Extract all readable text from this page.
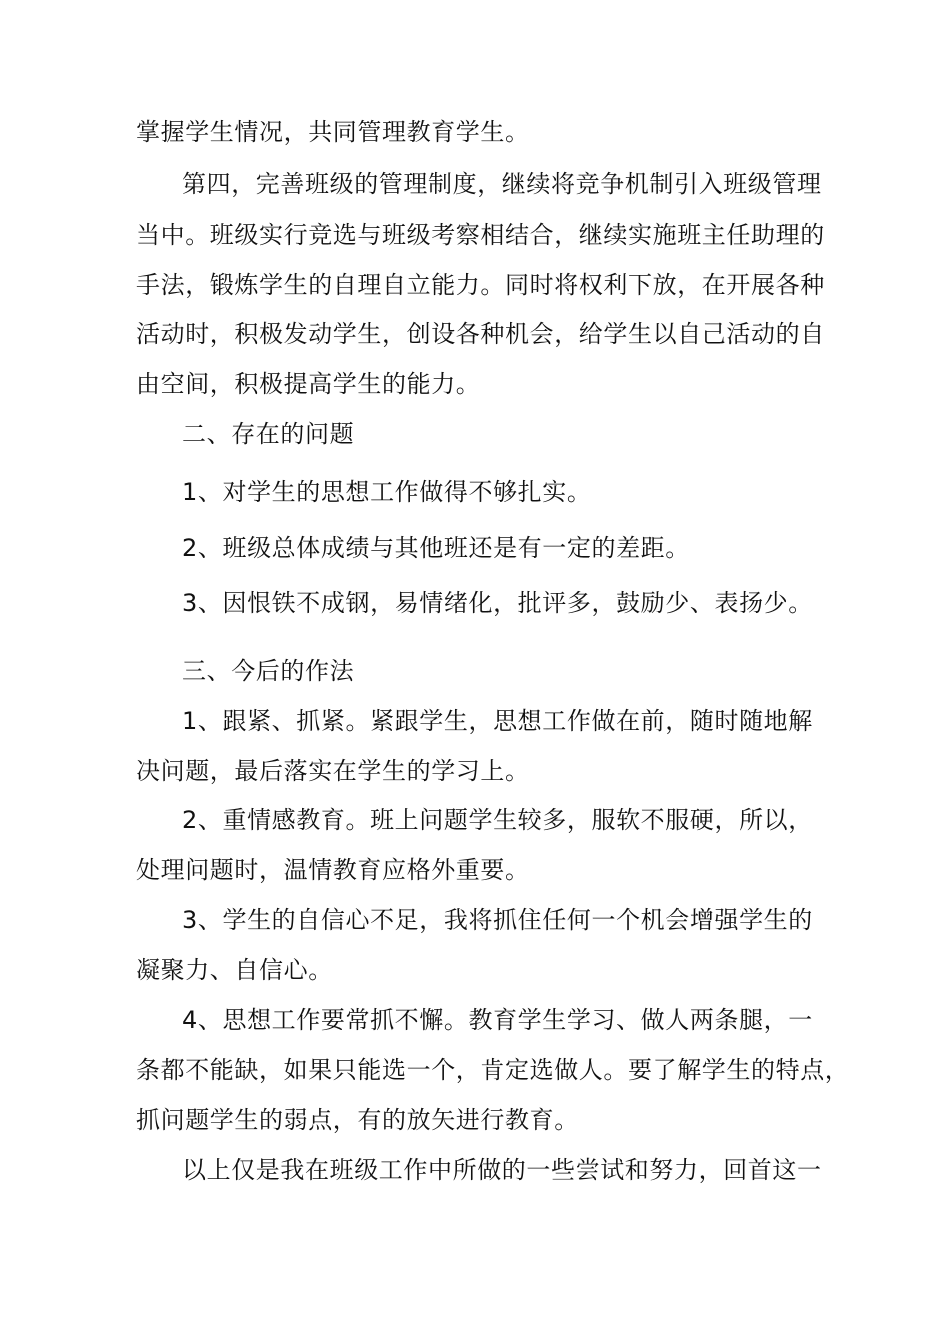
掌握学生情况，共同管理教育学生。
第四，完善班级的管理制度，继续将竞争机制引入班级管理
当中。班级实行竞选与班级考察相结合，继续实施班主任助理的
手法，锻炼学生的自理自立能力。同时将权利下放，在开展各种
活动时，积极发动学生，创设各种机会，给学生以自己活动的自
由空间，积极提高学生的能力。
二、存在的问题
1、对学生的思想工作做得不够扎实。
2、班级总体成绩与其他班还是有一定的差距。
3、因恨铁不成钢，易情绪化，批评多，鼓励少、表扬少。
三、今后的作法
1、跟紧、抓紧。紧跟学生，思想工作做在前，随时随地解
决问题，最后落实在学生的学习上。
2、重情感教育。班上问题学生较多，服软不服硬，所以，
处理问题时，温情教育应格外重要。
3、学生的自信心不足，我将抓住任何一个机会增强学生的
凝聚力、自信心。
4、思想工作要常抓不懈。教育学生学习、做人两条腿，一
条都不能缺，如果只能选一个，肯定选做人。要了解学生的特点，
抓问题学生的弱点，有的放矢进行教育。
以上仅是我在班级工作中所做的一些尝试和努力，回首这一
